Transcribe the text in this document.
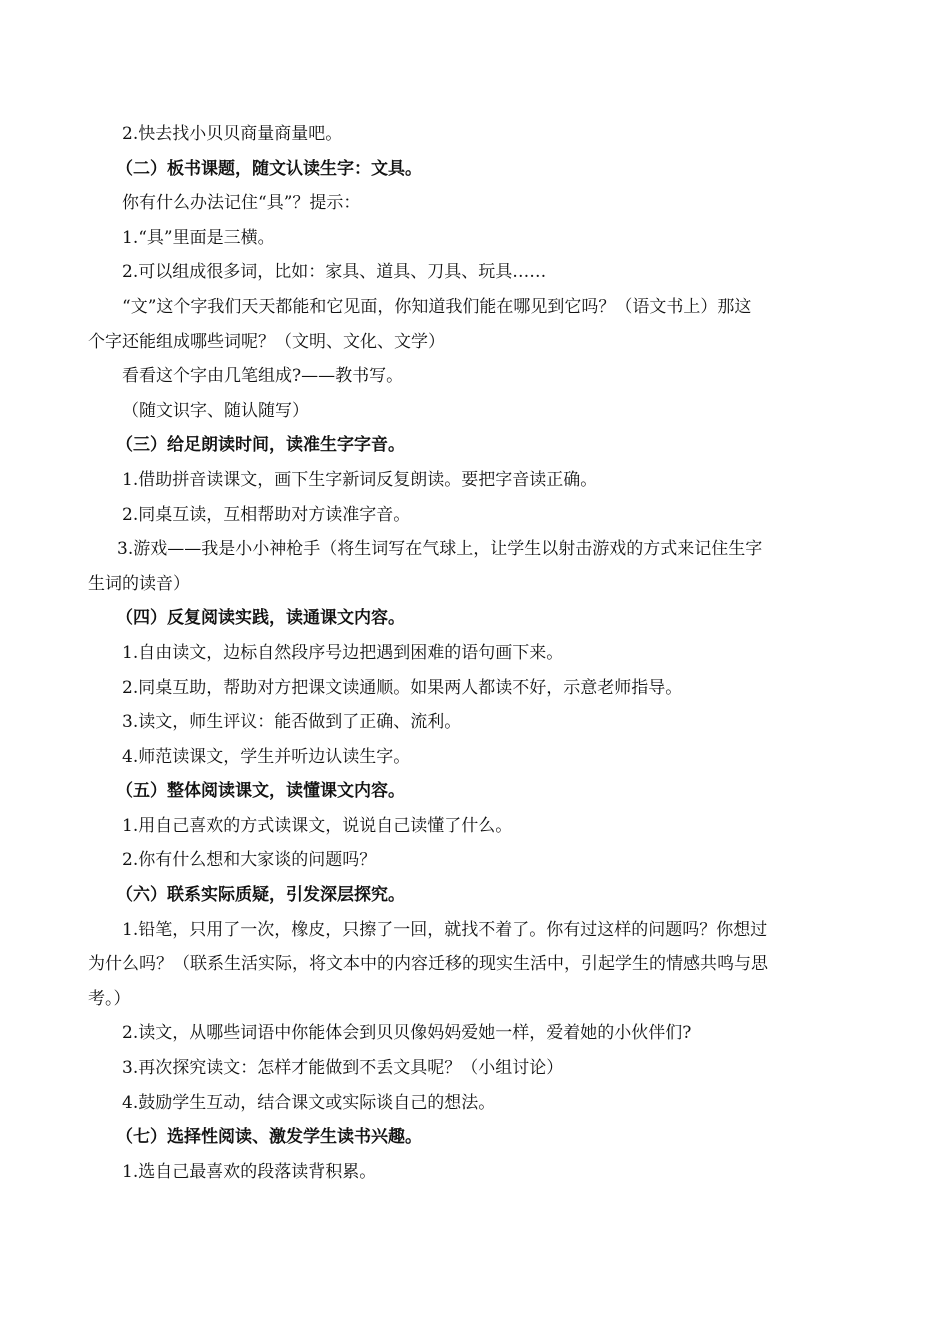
2.快去找小贝贝商量商量吧。

（二）板书课题，随文认读生字：文具。

你有什么办法记住“具”？提示：

1.“具”里面是三横。

2.可以组成很多词，比如：家具、道具、刀具、玩具……

“文”这个字我们天天都能和它见面，你知道我们能在哪见到它吗？（语文书上）那这

个字还能组成哪些词呢？（文明、文化、文学）

看看这个字由几笔组成?——教书写。

（随文识字、随认随写）

（三）给足朗读时间，读准生字字音。

1.借助拼音读课文，画下生字新词反复朗读。要把字音读正确。

2.同桌互读，互相帮助对方读准字音。

3.游戏——我是小小神枪手（将生词写在气球上，让学生以射击游戏的方式来记住生字

生词的读音）

（四）反复阅读实践，读通课文内容。

1.自由读文，边标自然段序号边把遇到困难的语句画下来。

2.同桌互助，帮助对方把课文读通顺。如果两人都读不好，示意老师指导。

3.读文，师生评议：能否做到了正确、流利。

4.师范读课文，学生并听边认读生字。

（五）整体阅读课文，读懂课文内容。

1.用自己喜欢的方式读课文，说说自己读懂了什么。

2.你有什么想和大家谈的问题吗？

（六）联系实际质疑，引发深层探究。

1.铅笔，只用了一次，橡皮，只擦了一回，就找不着了。你有过这样的问题吗？你想过

为什么吗？（联系生活实际，将文本中的内容迁移的现实生活中，引起学生的情感共鸣与思

考。）

2.读文，从哪些词语中你能体会到贝贝像妈妈爱她一样，爱着她的小伙伴们?

3.再次探究读文：怎样才能做到不丢文具呢？（小组讨论）

4.鼓励学生互动，结合课文或实际谈自己的想法。

（七）选择性阅读、激发学生读书兴趣。

1.选自己最喜欢的段落读背积累。
